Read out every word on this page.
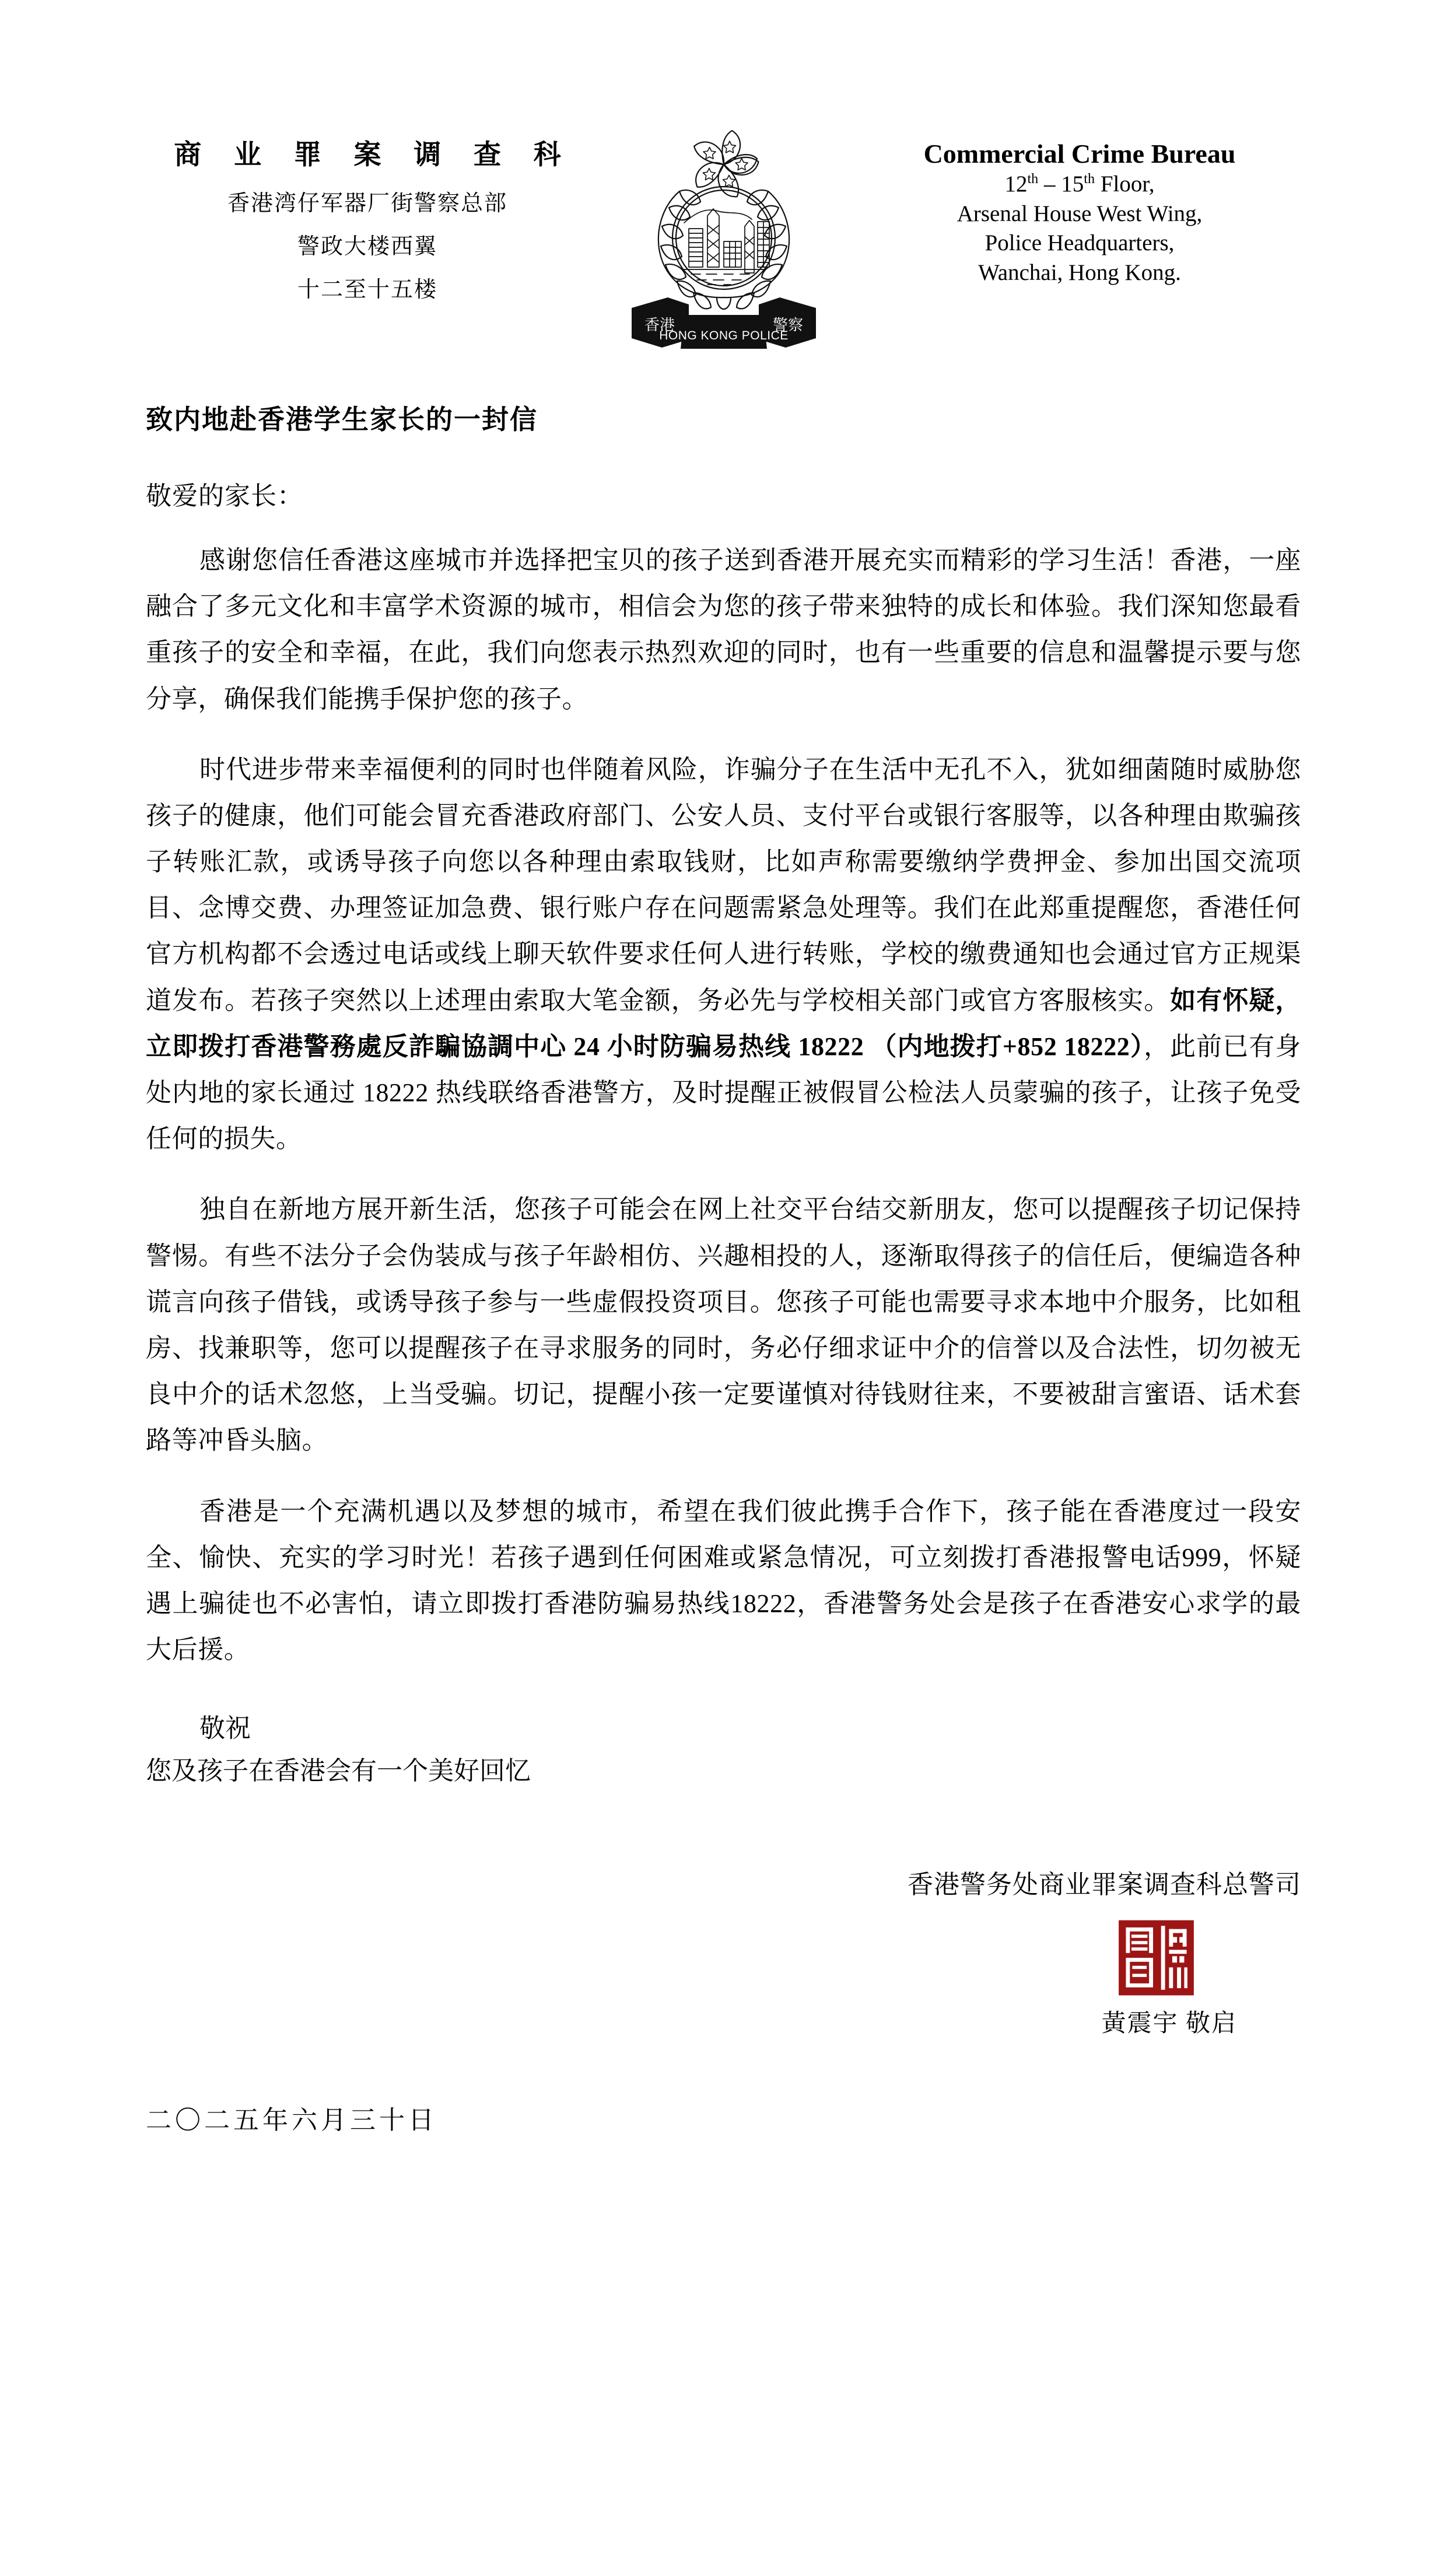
商 业 罪 案 调 查 科
香港湾仔军器厂街警察总部
警政大楼西翼
十二至十五楼
香港	警察
HONG KONG POLICE
Commercial Crime Bureau
12th – 15th Floor,
Arsenal House West Wing,
Police Headquarters,
Wanchai, Hong Kong.
致内地赴香港学生家长的一封信
敬爱的家长：
感谢您信任香港这座城市并选择把宝贝的孩子送到香港开展充实而精彩的学习生活！香港，一座融合了多元文化和丰富学术资源的城市，相信会为您的孩子带来独特的成长和体验。我们深知您最看重孩子的安全和幸福，在此，我们向您表示热烈欢迎的同时，也有一些重要的信息和温馨提示要与您分享，确保我们能携手保护您的孩子。
时代进步带来幸福便利的同时也伴随着风险，诈骗分子在生活中无孔不入，犹如细菌随时威胁您孩子的健康，他们可能会冒充香港政府部门、公安人员、支付平台或银行客服等，以各种理由欺骗孩子转账汇款，或诱导孩子向您以各种理由索取钱财，比如声称需要缴纳学费押金、参加出国交流项目、念博交费、办理签证加急费、银行账户存在问题需紧急处理等。我们在此郑重提醒您，香港任何官方机构都不会透过电话或线上聊天软件要求任何人进行转账，学校的缴费通知也会通过官方正规渠道发布。若孩子突然以上述理由索取大笔金额，务必先与学校相关部门或官方客服核实。如有怀疑，立即拨打香港警務處反詐騙協調中心 24 小时防骗易热线 18222 （内地拨打+852 18222），此前已有身处内地的家长通过 18222 热线联络香港警方，及时提醒正被假冒公检法人员蒙骗的孩子，让孩子免受任何的损失。
独自在新地方展开新生活，您孩子可能会在网上社交平台结交新朋友，您可以提醒孩子切记保持警惕。有些不法分子会伪装成与孩子年龄相仿、兴趣相投的人，逐渐取得孩子的信任后，便编造各种谎言向孩子借钱，或诱导孩子参与一些虚假投资项目。您孩子可能也需要寻求本地中介服务，比如租房、找兼职等，您可以提醒孩子在寻求服务的同时，务必仔细求证中介的信誉以及合法性，切勿被无良中介的话术忽悠，上当受骗。切记，提醒小孩一定要谨慎对待钱财往来，不要被甜言蜜语、话术套路等冲昏头脑。
香港是一个充满机遇以及梦想的城市，希望在我们彼此携手合作下，孩子能在香港度过一段安全、愉快、充实的学习时光！若孩子遇到任何困难或紧急情况，可立刻拨打香港报警电话999，怀疑遇上骗徒也不必害怕，请立即拨打香港防骗易热线18222，香港警务处会是孩子在香港安心求学的最大后援。
敬祝
您及孩子在香港会有一个美好回忆
香港警务处商业罪案调查科总警司
黃震宇 敬启
二〇二五年六月三十日
